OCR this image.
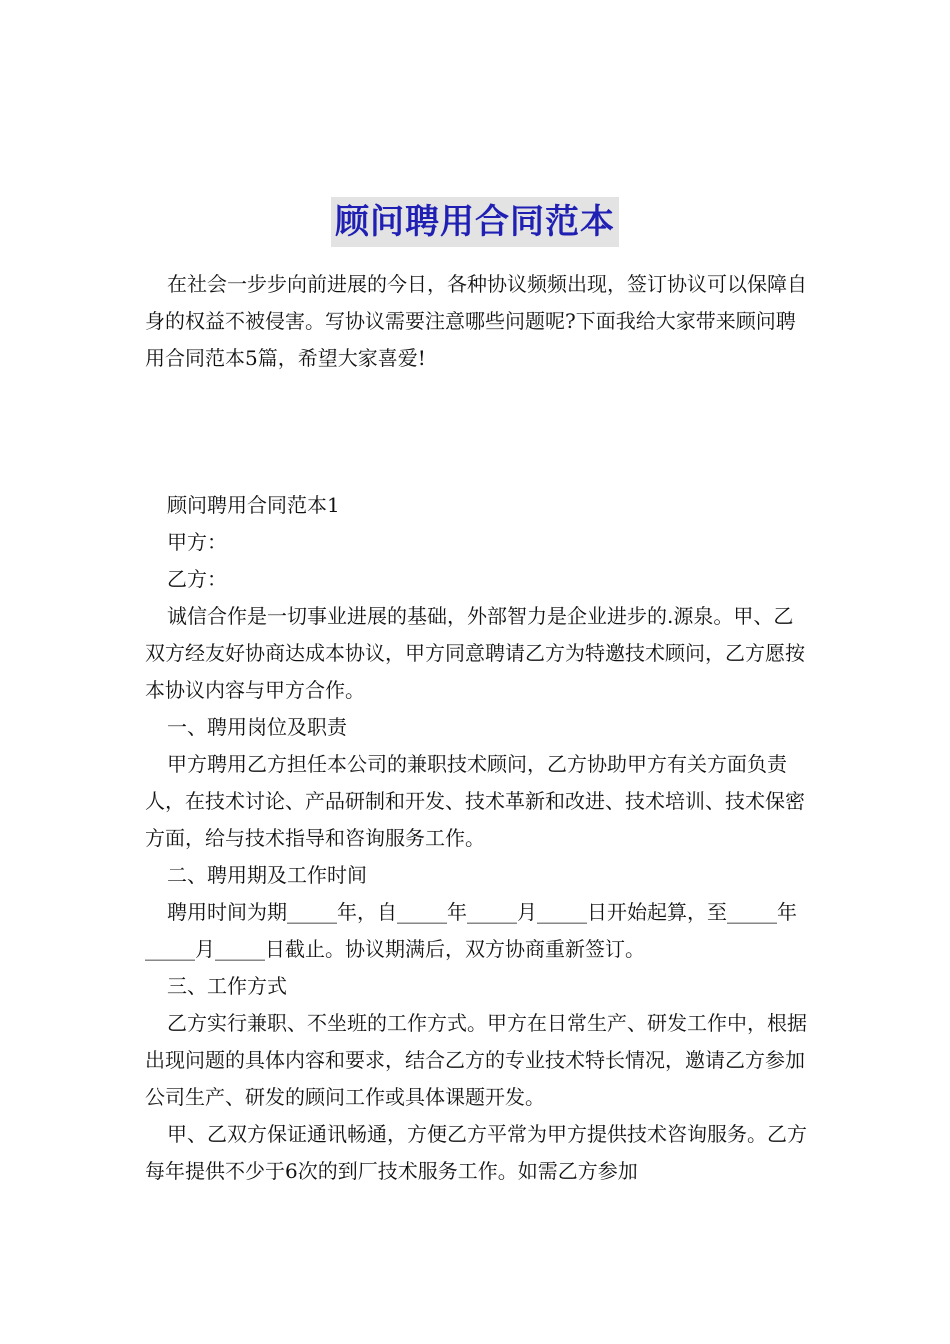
顾问聘用合同范本

在社会一步步向前进展的今日，各种协议频频出现，签订协议可以保障自身的权益不被侵害。写协议需要注意哪些问题呢?下面我给大家带来顾问聘用合同范本5篇，希望大家喜爱!

顾问聘用合同范本1

甲方：

乙方：

诚信合作是一切事业进展的基础，外部智力是企业进步的.源泉。甲、乙双方经友好协商达成本协议，甲方同意聘请乙方为特邀技术顾问，乙方愿按本协议内容与甲方合作。

一、聘用岗位及职责

甲方聘用乙方担任本公司的兼职技术顾问，乙方协助甲方有关方面负责人，在技术讨论、产品研制和开发、技术革新和改进、技术培训、技术保密方面，给与技术指导和咨询服务工作。

二、聘用期及工作时间

聘用时间为期_____年，自_____年_____月_____日开始起算，至_____年_____月_____日截止。协议期满后，双方协商重新签订。

三、工作方式

乙方实行兼职、不坐班的工作方式。甲方在日常生产、研发工作中，根据出现问题的具体内容和要求，结合乙方的专业技术特长情况，邀请乙方参加公司生产、研发的顾问工作或具体课题开发。

甲、乙双方保证通讯畅通，方便乙方平常为甲方提供技术咨询服务。乙方每年提供不少于6次的到厂技术服务工作。如需乙方参加
